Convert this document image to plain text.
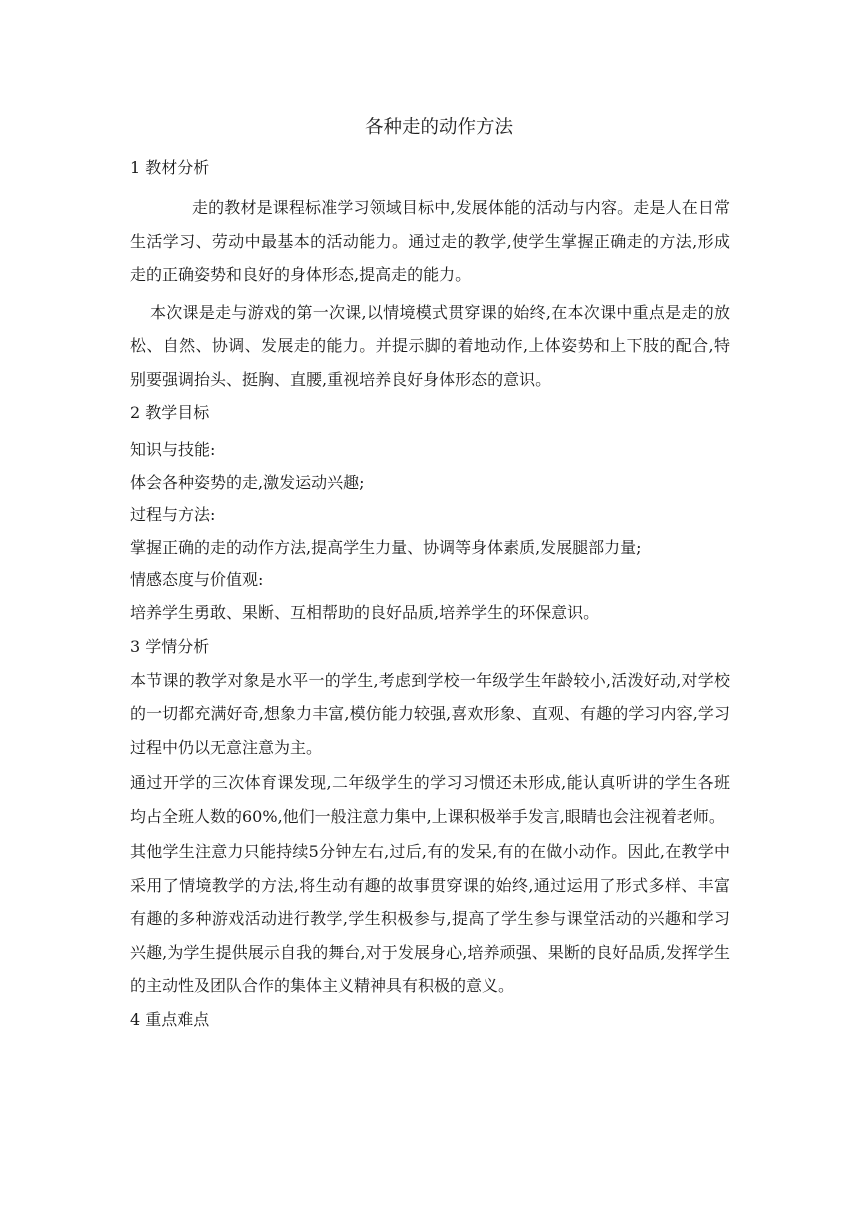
各种走的动作方法
1 教材分析

走的教材是课程标准学习领域目标中,发展体能的活动与内容。走是人在日常生活学习、劳动中最基本的活动能力。通过走的教学,使学生掌握正确走的方法,形成走的正确姿势和良好的身体形态,提高走的能力。

本次课是走与游戏的第一次课,以情境模式贯穿课的始终,在本次课中重点是走的放松、自然、协调、发展走的能力。并提示脚的着地动作,上体姿势和上下肢的配合,特别要强调抬头、挺胸、直腰,重视培养良好身体形态的意识。

2 教学目标

知识与技能:

体会各种姿势的走,激发运动兴趣;

过程与方法:

掌握正确的走的动作方法,提高学生力量、协调等身体素质,发展腿部力量;

情感态度与价值观:

培养学生勇敢、果断、互相帮助的良好品质,培养学生的环保意识。

3 学情分析

本节课的教学对象是水平一的学生,考虑到学校一年级学生年龄较小,活泼好动,对学校的一切都充满好奇,想象力丰富,模仿能力较强,喜欢形象、直观、有趣的学习内容,学习过程中仍以无意注意为主。

通过开学的三次体育课发现,二年级学生的学习习惯还未形成,能认真听讲的学生各班均占全班人数的60%,他们一般注意力集中,上课积极举手发言,眼睛也会注视着老师。

其他学生注意力只能持续5分钟左右,过后,有的发呆,有的在做小动作。因此,在教学中采用了情境教学的方法,将生动有趣的故事贯穿课的始终,通过运用了形式多样、丰富有趣的多种游戏活动进行教学,学生积极参与,提高了学生参与课堂活动的兴趣和学习兴趣,为学生提供展示自我的舞台,对于发展身心,培养顽强、果断的良好品质,发挥学生的主动性及团队合作的集体主义精神具有积极的意义。

4 重点难点
